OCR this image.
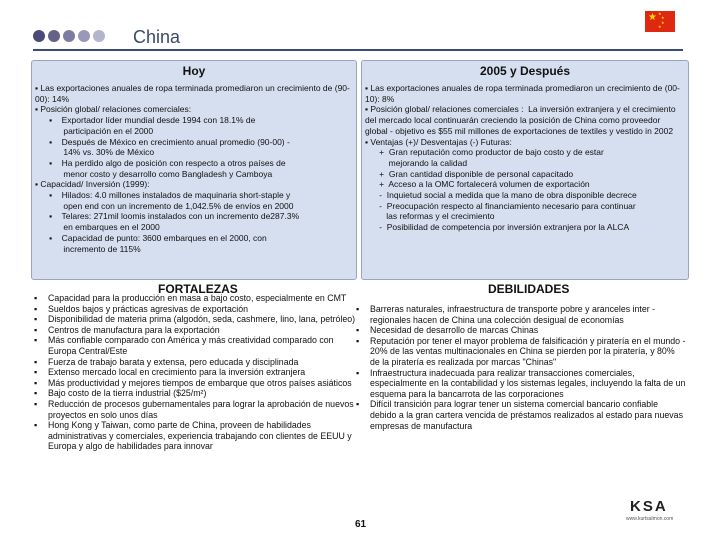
China
★ ★
★
★
★
Hoy
▪ Las exportaciones anuales de ropa terminada promediaron un crecimiento de (90-00): 14%
▪ Posición global/ relaciones comerciales:
▪    Exportador líder mundial desde 1994 con 18.1% de
participación en el 2000
▪    Después de México en crecimiento anual promedio (90-00) -
14% vs. 30% de México
▪    Ha perdido algo de posición con respecto a otros países de
menor costo y desarrollo como Bangladesh y Camboya
▪ Capacidad/ Inversión (1999):
▪    Hilados: 4.0 millones instalados de maquinaria short-staple y
open end con un incremento de 1,042.5% de envíos en 2000
▪    Telares: 271mil loomis instalados con un incremento de287.3%
en embarques en el 2000
▪    Capacidad de punto: 3600 embarques en el 2000, con
incremento de 115%
2005 y Después
▪ Las exportaciones anuales de ropa terminada promediaron un crecimiento de (00-10): 8%
▪ Posición global/ relaciones comerciales :  La inversión extranjera y el crecimiento del mercado local continuarán creciendo la posición de China como proveedor global - objetivo es $55 mil millones de exportaciones de textiles y vestido in 2002
▪ Ventajas (+)/ Desventajas (-) Futuras:
+  Gran reputación como productor de bajo costo y de estar
mejorando la calidad
+  Gran cantidad disponible de personal capacitado
+  Acceso a la OMC fortalecerá volumen de exportación
-  Inquietud social a medida que la mano de obra disponible decrece
-  Preocupación respecto al financiamiento necesario para continuar
las reformas y el crecimiento
-  Posibilidad de competencia por inversión extranjera por la ALCA
FORTALEZAS
▪ Capacidad para la producción en masa a bajo costo, especialmente en CMT
▪ Sueldos bajos y prácticas agresivas de exportación
▪ Disponibilidad de materia prima (algodón, seda, cashmere, lino, lana, petróleo)
▪ Centros de manufactura para la exportación
▪ Más confiable comparado con América y más creatividad comparado con Europa Central/Este
▪ Fuerza de trabajo barata y extensa, pero educada y disciplinada
▪ Extenso mercado local en crecimiento para la inversión extranjera
▪ Más productividad y mejores tiempos de embarque que otros países asiáticos
▪ Bajo costo de la tierra industrial ($25/m²)
▪ Reducción de procesos gubernamentales para lograr la aprobación de nuevos proyectos en solo unos días
▪ Hong Kong y Taiwan, como parte de China, proveen de habilidades administrativas y comerciales, experiencia trabajando con clientes de EEUU y Europa y algo de habilidades para innovar
DEBILIDADES
▪ Barreras naturales, infraestructura de transporte pobre y aranceles inter -regionales hacen de China una colección desigual de economías
▪ Necesidad de desarrollo de marcas Chinas
▪ Reputación por tener el mayor problema de falsificación y piratería en el mundo - 20% de las ventas multinacionales en China se pierden por la piratería, y 80% de la piratería es realizada por marcas "Chinas"
▪ Infraestructura inadecuada para realizar transacciones comerciales, especialmente en la contabilidad y los sistemas legales, incluyendo la falta de un esquema para la bancarrota de las corporaciones
▪ Difícil transición para lograr tener un sistema comercial bancario confiable debido a la gran cartera vencida de préstamos realizados al estado para nuevas empresas de manufactura
61
KSA
www.kurtsalmon.com
